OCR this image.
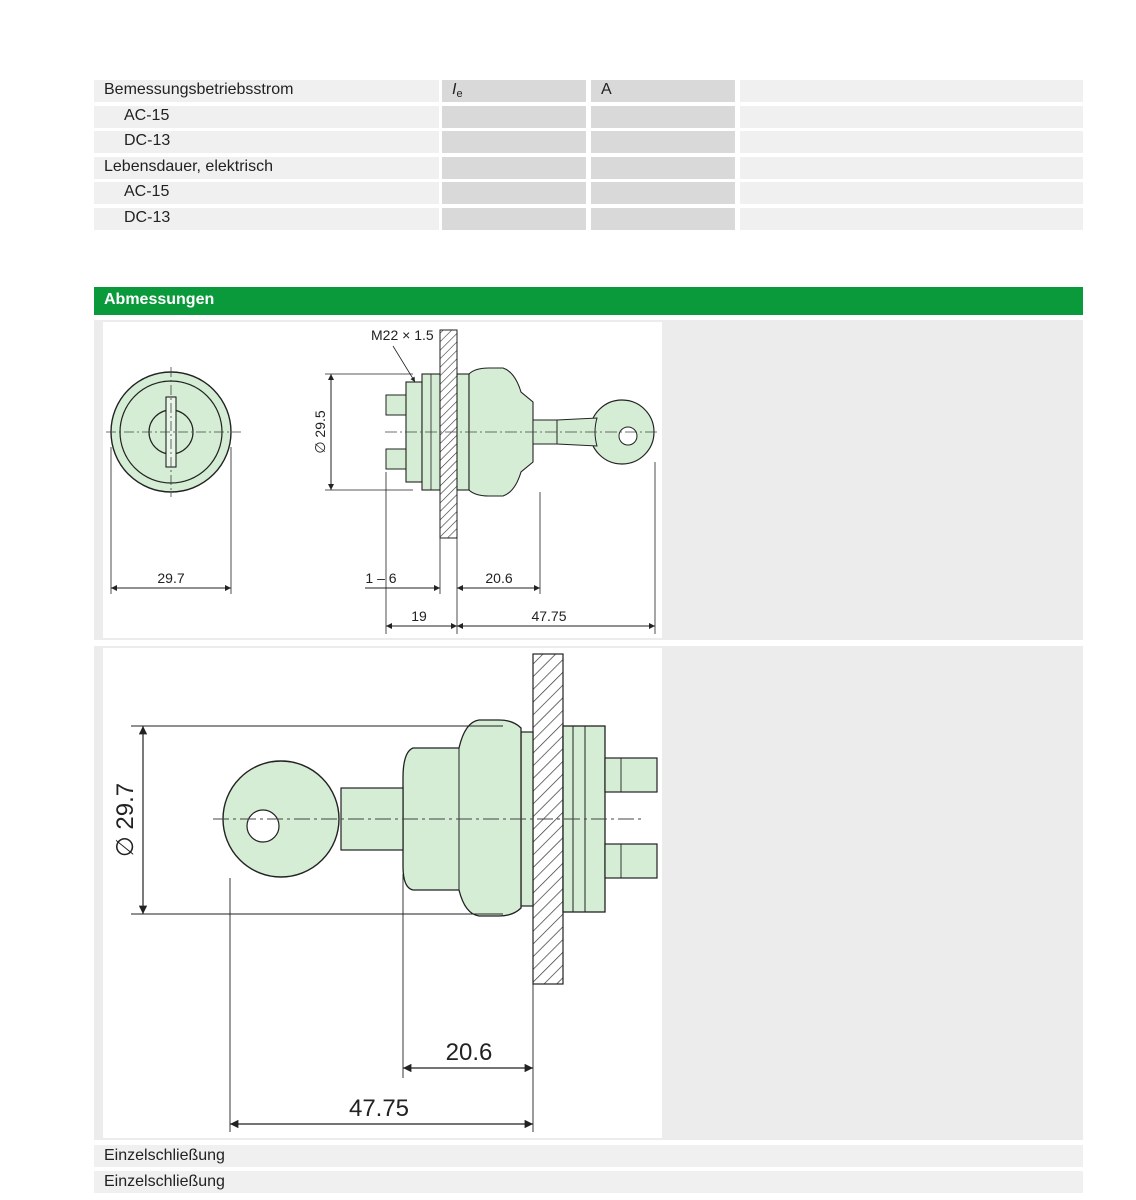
Bemessungsbetriebsstrom	$I_e$	A
AC-15
DC-13
Lebensdauer, elektrisch
AC-15
DC-13
Abmessungen
29.7
M22 × 1.5
∅ 29.5
1 – 6	20.6
19	47.75
∅ 29.7
20.6
47.75
Einzelschließung
Einzelschließung
